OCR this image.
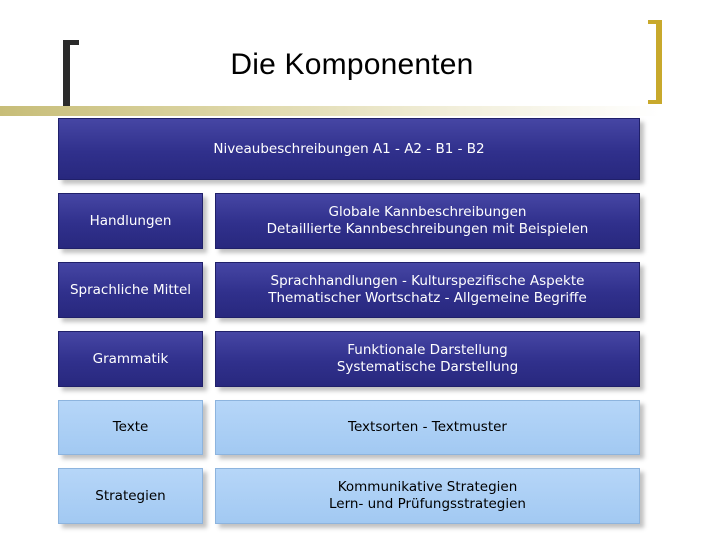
Die Komponenten
Niveaubeschreibungen A1 - A2 - B1 - B2
Handlungen
Globale Kannbeschreibungen
Detaillierte Kannbeschreibungen mit Beispielen
Sprachliche Mittel
Sprachhandlungen - Kulturspezifische Aspekte
Thematischer Wortschatz - Allgemeine Begriffe
Grammatik
Funktionale Darstellung
Systematische Darstellung
Texte	Textsorten - Textmuster
Strategien
Kommunikative Strategien
Lern- und Prüfungsstrategien
